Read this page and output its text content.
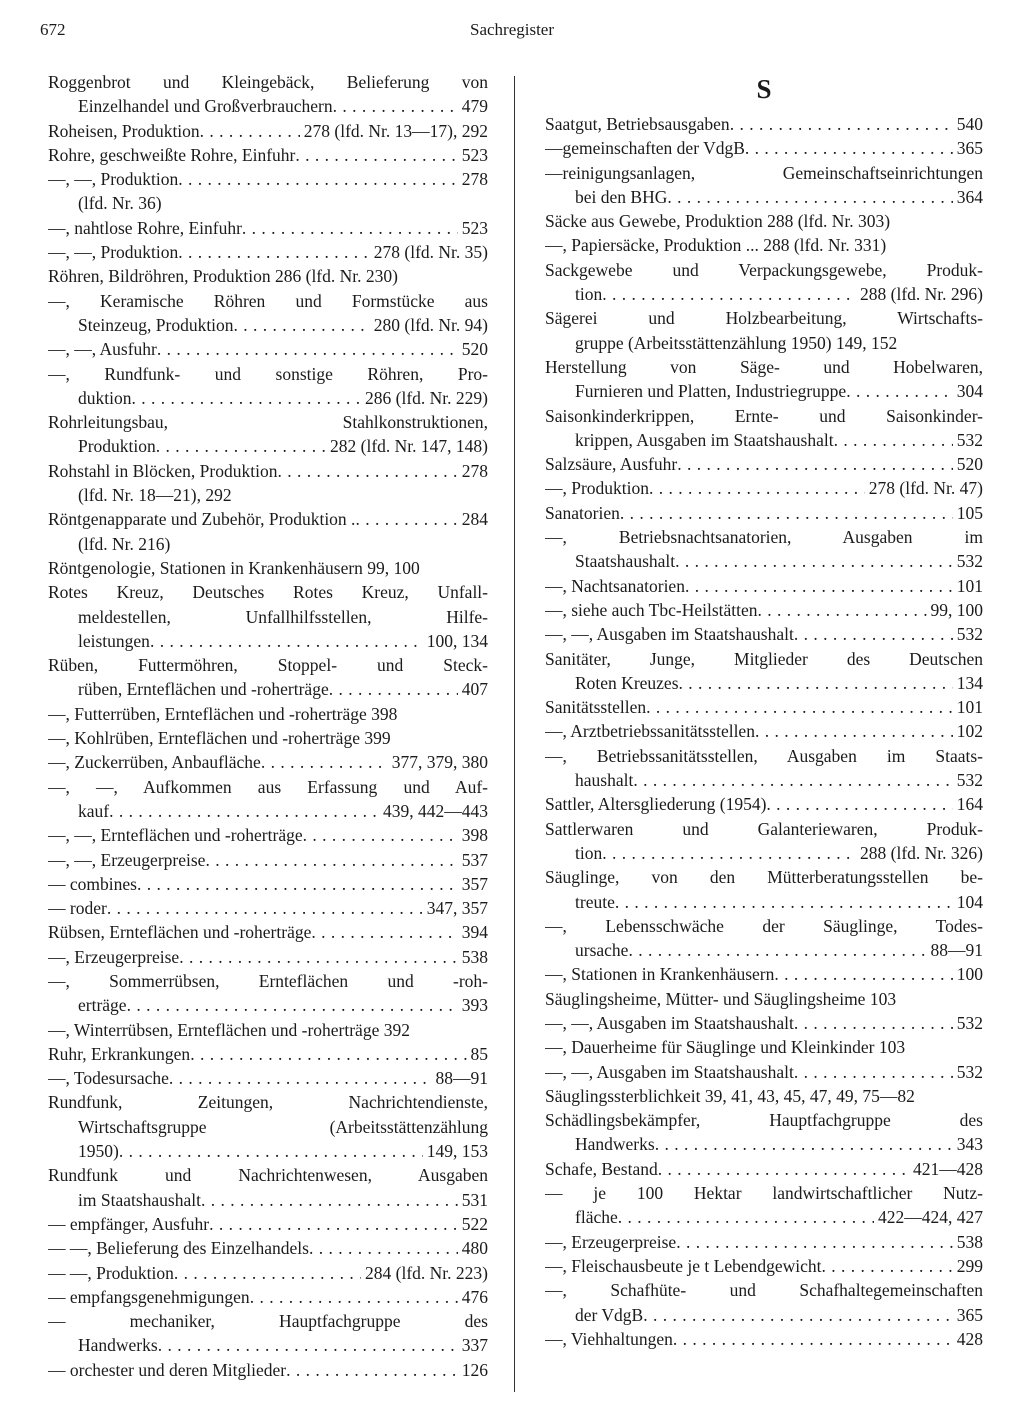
672	Sachregister
Roggenbrot und Kleingebäck, Belieferung von
Einzelhandel und Großverbrauchern . . .	479
Roheisen, Produktion . . .	278 (lfd. Nr. 13—17), 292
Rohre, geschweißte Rohre, Einfuhr . . .	523
—, —, Produktion . . .	278
(lfd. Nr. 36)
—, nahtlose Rohre, Einfuhr . . .	523
—, —, Produktion . . .	278 (lfd. Nr. 35)
Röhren, Bildröhren, Produktion 286 (lfd. Nr. 230)
—, Keramische Röhren und Formstücke aus
Steinzeug, Produktion . . .	280 (lfd. Nr. 94)
—, —, Ausfuhr . . .	520
—, Rundfunk- und sonstige Röhren, Pro-
duktion . . .	286 (lfd. Nr. 229)
Rohrleitungsbau, Stahlkonstruktionen,
Produktion . . .	282 (lfd. Nr. 147, 148)
Rohstahl in Blöcken, Produktion . . .	278
(lfd. Nr. 18—21), 292
Röntgenapparate und Zubehör, Produktion . . . .	284
(lfd. Nr. 216)
Röntgenologie, Stationen in Krankenhäusern 99, 100
Rotes Kreuz, Deutsches Rotes Kreuz, Unfall-
meldestellen, Unfallhilfsstellen, Hilfe-
leistungen . . .	100, 134
Rüben, Futtermöhren, Stoppel- und Steck-
rüben, Ernteflächen und -roherträge . . .	407
—, Futterrüben, Ernteflächen und -roherträge 398
—, Kohlrüben, Ernteflächen und -roherträge 399
—, Zuckerrüben, Anbaufläche . . .	377, 379, 380
—, —, Aufkommen aus Erfassung und Auf-
kauf . . .	439, 442—443
—, —, Ernteflächen und -roherträge . . .	398
—, —, Erzeugerpreise . . .	537
— combines . . .	357
— roder . . .	347, 357
Rübsen, Ernteflächen und -roherträge . . .	394
—, Erzeugerpreise . . .	538
—, Sommerrübsen, Ernteflächen und -roh-
erträge . . .	393
—, Winterrübsen, Ernteflächen und -roherträge 392
Ruhr, Erkrankungen . . .	85
—, Todesursache . . .	88—91
Rundfunk, Zeitungen, Nachrichtendienste,
Wirtschaftsgruppe (Arbeitsstättenzählung
1950) . . .	149, 153
Rundfunk und Nachrichtenwesen, Ausgaben
im Staatshaushalt . . .	531
— empfänger, Ausfuhr . . .	522
— —, Belieferung des Einzelhandels . . .	480
— —, Produktion . . .	284 (lfd. Nr. 223)
— empfangsgenehmigungen . . .	476
— mechaniker, Hauptfachgruppe des
Handwerks . . .	337
— orchester und deren Mitglieder . . .	126
S
Saatgut, Betriebsausgaben . . .	540
—gemeinschaften der VdgB . . .	365
—reinigungsanlagen, Gemeinschaftseinrichtungen
bei den BHG . . .	364
Säcke aus Gewebe, Produktion 288 (lfd. Nr. 303)
—, Papiersäcke, Produktion ... 288 (lfd. Nr. 331)
Sackgewebe und Verpackungsgewebe, Produk-
tion . . .	288 (lfd. Nr. 296)
Sägerei und Holzbearbeitung, Wirtschafts-
gruppe (Arbeitsstättenzählung 1950) 149, 152
Herstellung von Säge- und Hobelwaren,
Furnieren und Platten, Industriegruppe . . .	304
Saisonkinderkrippen, Ernte- und Saisonkinder-
krippen, Ausgaben im Staatshaushalt . . .	532
Salzsäure, Ausfuhr . . .	520
—, Produktion . . .	278 (lfd. Nr. 47)
Sanatorien . . .	105
—, Betriebsnachtsanatorien, Ausgaben im
Staatshaushalt . . .	532
—, Nachtsanatorien . . .	101
—, siehe auch Tbc-Heilstätten . . .	99, 100
—, —, Ausgaben im Staatshaushalt . . .	532
Sanitäter, Junge, Mitglieder des Deutschen
Roten Kreuzes . . .	134
Sanitätsstellen . . .	101
—, Arztbetriebssanitätsstellen . . .	102
—, Betriebssanitätsstellen, Ausgaben im Staats-
haushalt . . .	532
Sattler, Altersgliederung (1954) . . .	164
Sattlerwaren und Galanteriewaren, Produk-
tion . . .	288 (lfd. Nr. 326)
Säuglinge, von den Mütterberatungsstellen be-
treute . . .	104
—, Lebensschwäche der Säuglinge, Todes-
ursache . . .	88—91
—, Stationen in Krankenhäusern . . .	100
Säuglingsheime, Mütter- und Säuglingsheime 103
—, —, Ausgaben im Staatshaushalt . . .	532
—, Dauerheime für Säuglinge und Kleinkinder 103
—, —, Ausgaben im Staatshaushalt . . .	532
Säuglingssterblichkeit 39, 41, 43, 45, 47, 49, 75—82
Schädlingsbekämpfer, Hauptfachgruppe des
Handwerks . . .	343
Schafe, Bestand . . .	421—428
— je 100 Hektar landwirtschaftlicher Nutz-
fläche . . .	422—424, 427
—, Erzeugerpreise . . .	538
—, Fleischausbeute je t Lebendgewicht . . .	299
—, Schafhüte- und Schafhaltegemeinschaften
der VdgB . . .	365
—, Viehhaltungen . . .	428
